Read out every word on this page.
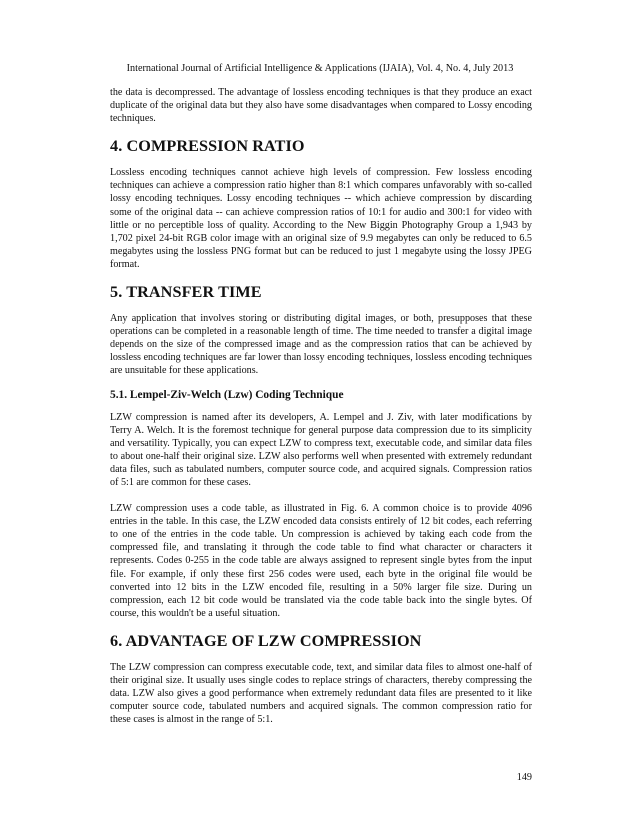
International Journal of Artificial Intelligence & Applications (IJAIA), Vol. 4, No. 4, July 2013

the data is decompressed. The advantage of lossless encoding techniques is that they produce an exact duplicate of the original data but they also have some disadvantages when compared to Lossy encoding techniques.

4. COMPRESSION RATIO

Lossless encoding techniques cannot achieve high levels of compression. Few lossless encoding techniques can achieve a compression ratio higher than 8:1 which compares unfavorably with so-called lossy encoding techniques. Lossy encoding techniques -- which achieve compression by discarding some of the original data -- can achieve compression ratios of 10:1 for audio and 300:1 for video with little or no perceptible loss of quality. According to the New Biggin Photography Group a 1,943 by 1,702 pixel 24-bit RGB color image with an original size of 9.9 megabytes can only be reduced to 6.5 megabytes using the lossless PNG format but can be reduced to just 1 megabyte using the lossy JPEG format.

5. TRANSFER TIME

Any application that involves storing or distributing digital images, or both, presupposes that these operations can be completed in a reasonable length of time. The time needed to transfer a digital image depends on the size of the compressed image and as the compression ratios that can be achieved by lossless encoding techniques are far lower than lossy encoding techniques, lossless encoding techniques are unsuitable for these applications.

5.1. Lempel-Ziv-Welch (Lzw) Coding Technique

LZW compression is named after its developers, A. Lempel and J. Ziv, with later modifications by Terry A. Welch. It is the foremost technique for general purpose data compression due to its simplicity and versatility. Typically, you can expect LZW to compress text, executable code, and similar data files to about one-half their original size. LZW also performs well when presented with extremely redundant data files, such as tabulated numbers, computer source code, and acquired signals. Compression ratios of 5:1 are common for these cases.

LZW compression uses a code table, as illustrated in Fig. 6. A common choice is to provide 4096 entries in the table. In this case, the LZW encoded data consists entirely of 12 bit codes, each referring to one of the entries in the code table. Un compression is achieved by taking each code from the compressed file, and translating it through the code table to find what character or characters it represents. Codes 0-255 in the code table are always assigned to represent single bytes from the input file. For example, if only these first 256 codes were used, each byte in the original file would be converted into 12 bits in the LZW encoded file, resulting in a 50% larger file size. During un compression, each 12 bit code would be translated via the code table back into the single bytes. Of course, this wouldn't be a useful situation.

6. ADVANTAGE OF LZW COMPRESSION

The LZW compression can compress executable code, text, and similar data files to almost one-half of their original size. It usually uses single codes to replace strings of characters, thereby compressing the data. LZW also gives a good performance when extremely redundant data files are presented to it like computer source code, tabulated numbers and acquired signals. The common compression ratio for these cases is almost in the range of 5:1.

149
